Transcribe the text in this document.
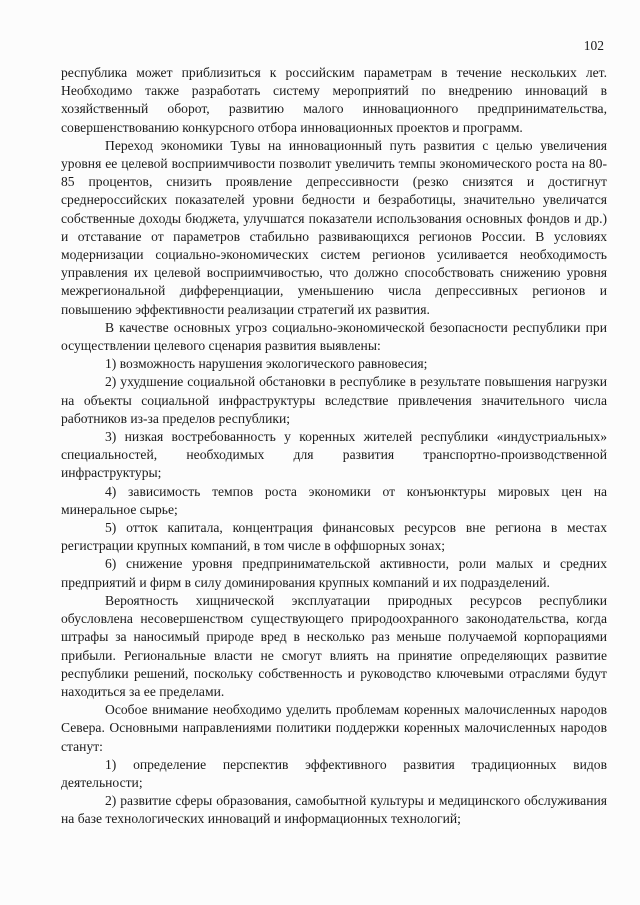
102

республика может приблизиться к российским параметрам в течение нескольких лет. Необходимо также разработать систему мероприятий по внедрению инноваций в хозяйственный оборот, развитию малого инновационного предпринимательства, совершенствованию конкурсного отбора инновационных проектов и программ.

Переход экономики Тувы на инновационный путь развития с целью увеличения уровня ее целевой восприимчивости позволит увеличить темпы экономического роста на 80-85 процентов, снизить проявление депрессивности (резко снизятся и достигнут среднероссийских показателей уровни бедности и безработицы, значительно увеличатся собственные доходы бюджета, улучшатся показатели использования основных фондов и др.) и отставание от параметров стабильно развивающихся регионов России. В условиях модернизации социально-экономических систем регионов усиливается необходимость управления их целевой восприимчивостью, что должно способствовать снижению уровня межрегиональной дифференциации, уменьшению числа депрессивных регионов и повышению эффективности реализации стратегий их развития.

В качестве основных угроз социально-экономической безопасности республики при осуществлении целевого сценария развития выявлены:

1) возможность нарушения экологического равновесия;

2) ухудшение социальной обстановки в республике в результате повышения нагрузки на объекты социальной инфраструктуры вследствие привлечения значительного числа работников из-за пределов республики;

3) низкая востребованность у коренных жителей республики «индустриальных» специальностей, необходимых для развития транспортно-производственной инфраструктуры;

4) зависимость темпов роста экономики от конъюнктуры мировых цен на минеральное сырье;

5) отток капитала, концентрация финансовых ресурсов вне региона в местах регистрации крупных компаний, в том числе в оффшорных зонах;

6) снижение уровня предпринимательской активности, роли малых и средних предприятий и фирм в силу доминирования крупных компаний и их подразделений.

Вероятность хищнической эксплуатации природных ресурсов республики обусловлена несовершенством существующего природоохранного законодательства, когда штрафы за наносимый природе вред в несколько раз меньше получаемой корпорациями прибыли. Региональные власти не смогут влиять на принятие определяющих развитие республики решений, поскольку собственность и руководство ключевыми отраслями будут находиться за ее пределами.

Особое внимание необходимо уделить проблемам коренных малочисленных народов Севера. Основными направлениями политики поддержки коренных малочисленных народов станут:

1) определение перспектив эффективного развития традиционных видов деятельности;

2) развитие сферы образования, самобытной культуры и медицинского обслуживания на базе технологических инноваций и информационных технологий;
